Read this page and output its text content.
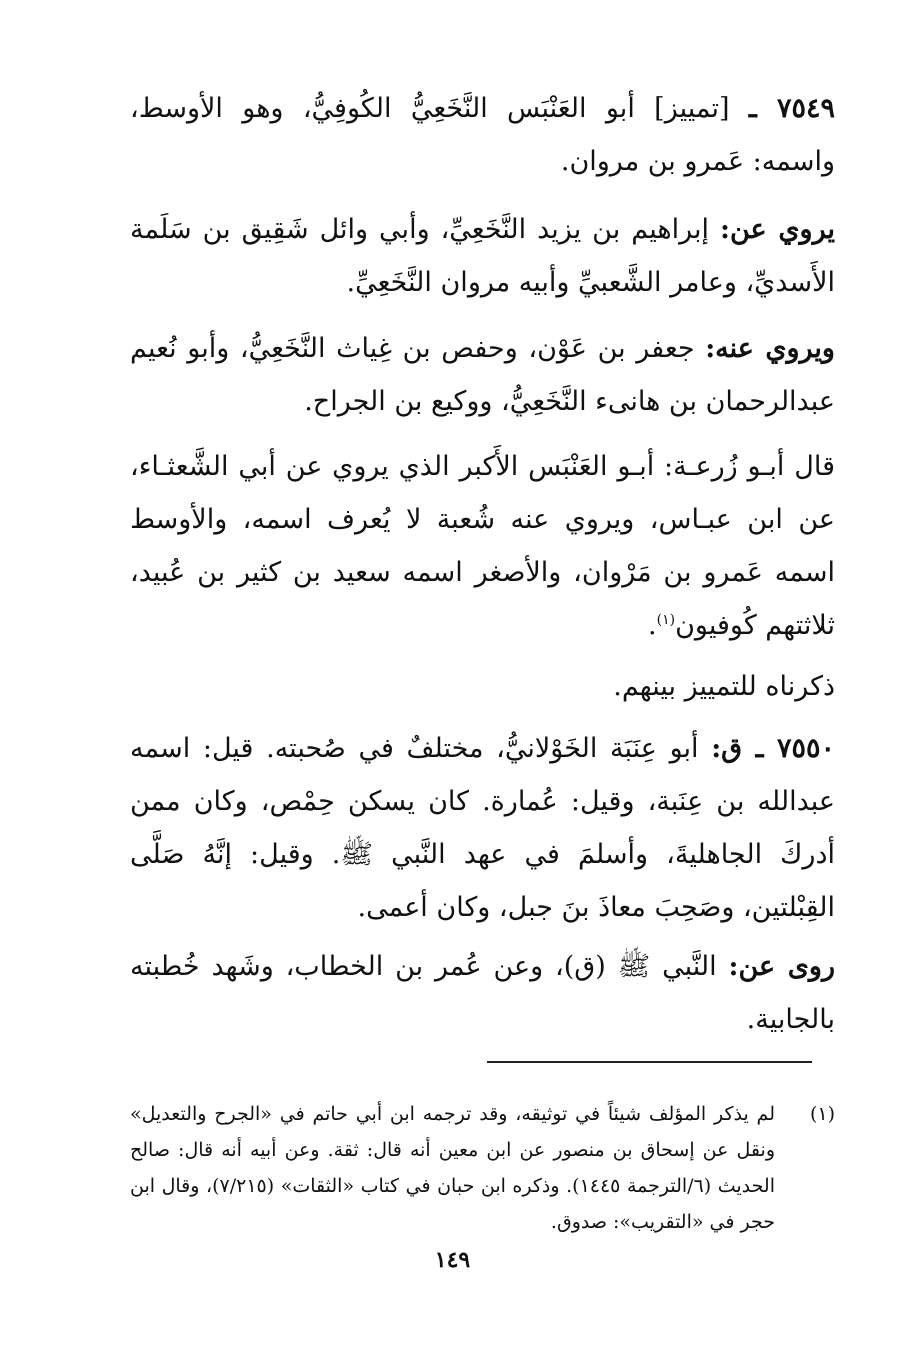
٧٥٤٩ ـ [تمييز] أبو العَنْبَس النَّخَعِيُّ الكُوفِيُّ، وهو الأوسط، واسمه: عَمرو بن مروان.

يروي عن: إبراهيم بن يزيد النَّخَعِيِّ، وأبي وائل شَقِيق بن سَلَمة الأَسديِّ، وعامر الشَّعبيِّ وأبيه مروان النَّخَعِيِّ.

ويروي عنه: جعفر بن عَوْن، وحفص بن غِياث النَّخَعِيُّ، وأبو نُعيم عبدالرحمان بن هانىء النَّخَعِيُّ، ووكيع بن الجراح.

قال أبـو زُرعـة: أبـو العَنْبَس الأَكبر الذي يروي عن أبي الشَّعثـاء، عن ابن عبـاس، ويروي عنه شُعبة لا يُعرف اسمه، والأوسط اسمه عَمرو بن مَرْوان، والأصغر اسمه سعيد بن كثير بن عُبيد، ثلاثتهم كُوفيون$^{(١)}$.

ذكرناه للتمييز بينهم.

٧٥٥٠ ـ ق: أبو عِنَبَة الخَوْلانيُّ، مختلفٌ في صُحبته. قيل: اسمه عبدالله بن عِنَبة، وقيل: عُمارة. كان يسكن حِمْص، وكان ممن أدركَ الجاهليةَ، وأسلمَ في عهد النَّبي ﷺ. وقيل: إنَّهُ صَلَّى القِبْلتين، وصَحِبَ معاذَ بنَ جبل، وكان أعمى.

روى عن: النَّبي ﷺ (ق)، وعن عُمر بن الخطاب، وشَهد خُطبته بالجابية.

(١)

لم يذكر المؤلف شيئاً في توثيقه، وقد ترجمه ابن أبي حاتم في «الجرح والتعديل» ونقل عن إسحاق بن منصور عن ابن معين أنه قال: ثقة. وعن أبيه أنه قال: صالح الحديث (٦/الترجمة ١٤٤٥). وذكره ابن حبان في كتاب «الثقات» (٧/٢١٥)، وقال ابن حجر في «التقريب»: صدوق.

١٤٩
